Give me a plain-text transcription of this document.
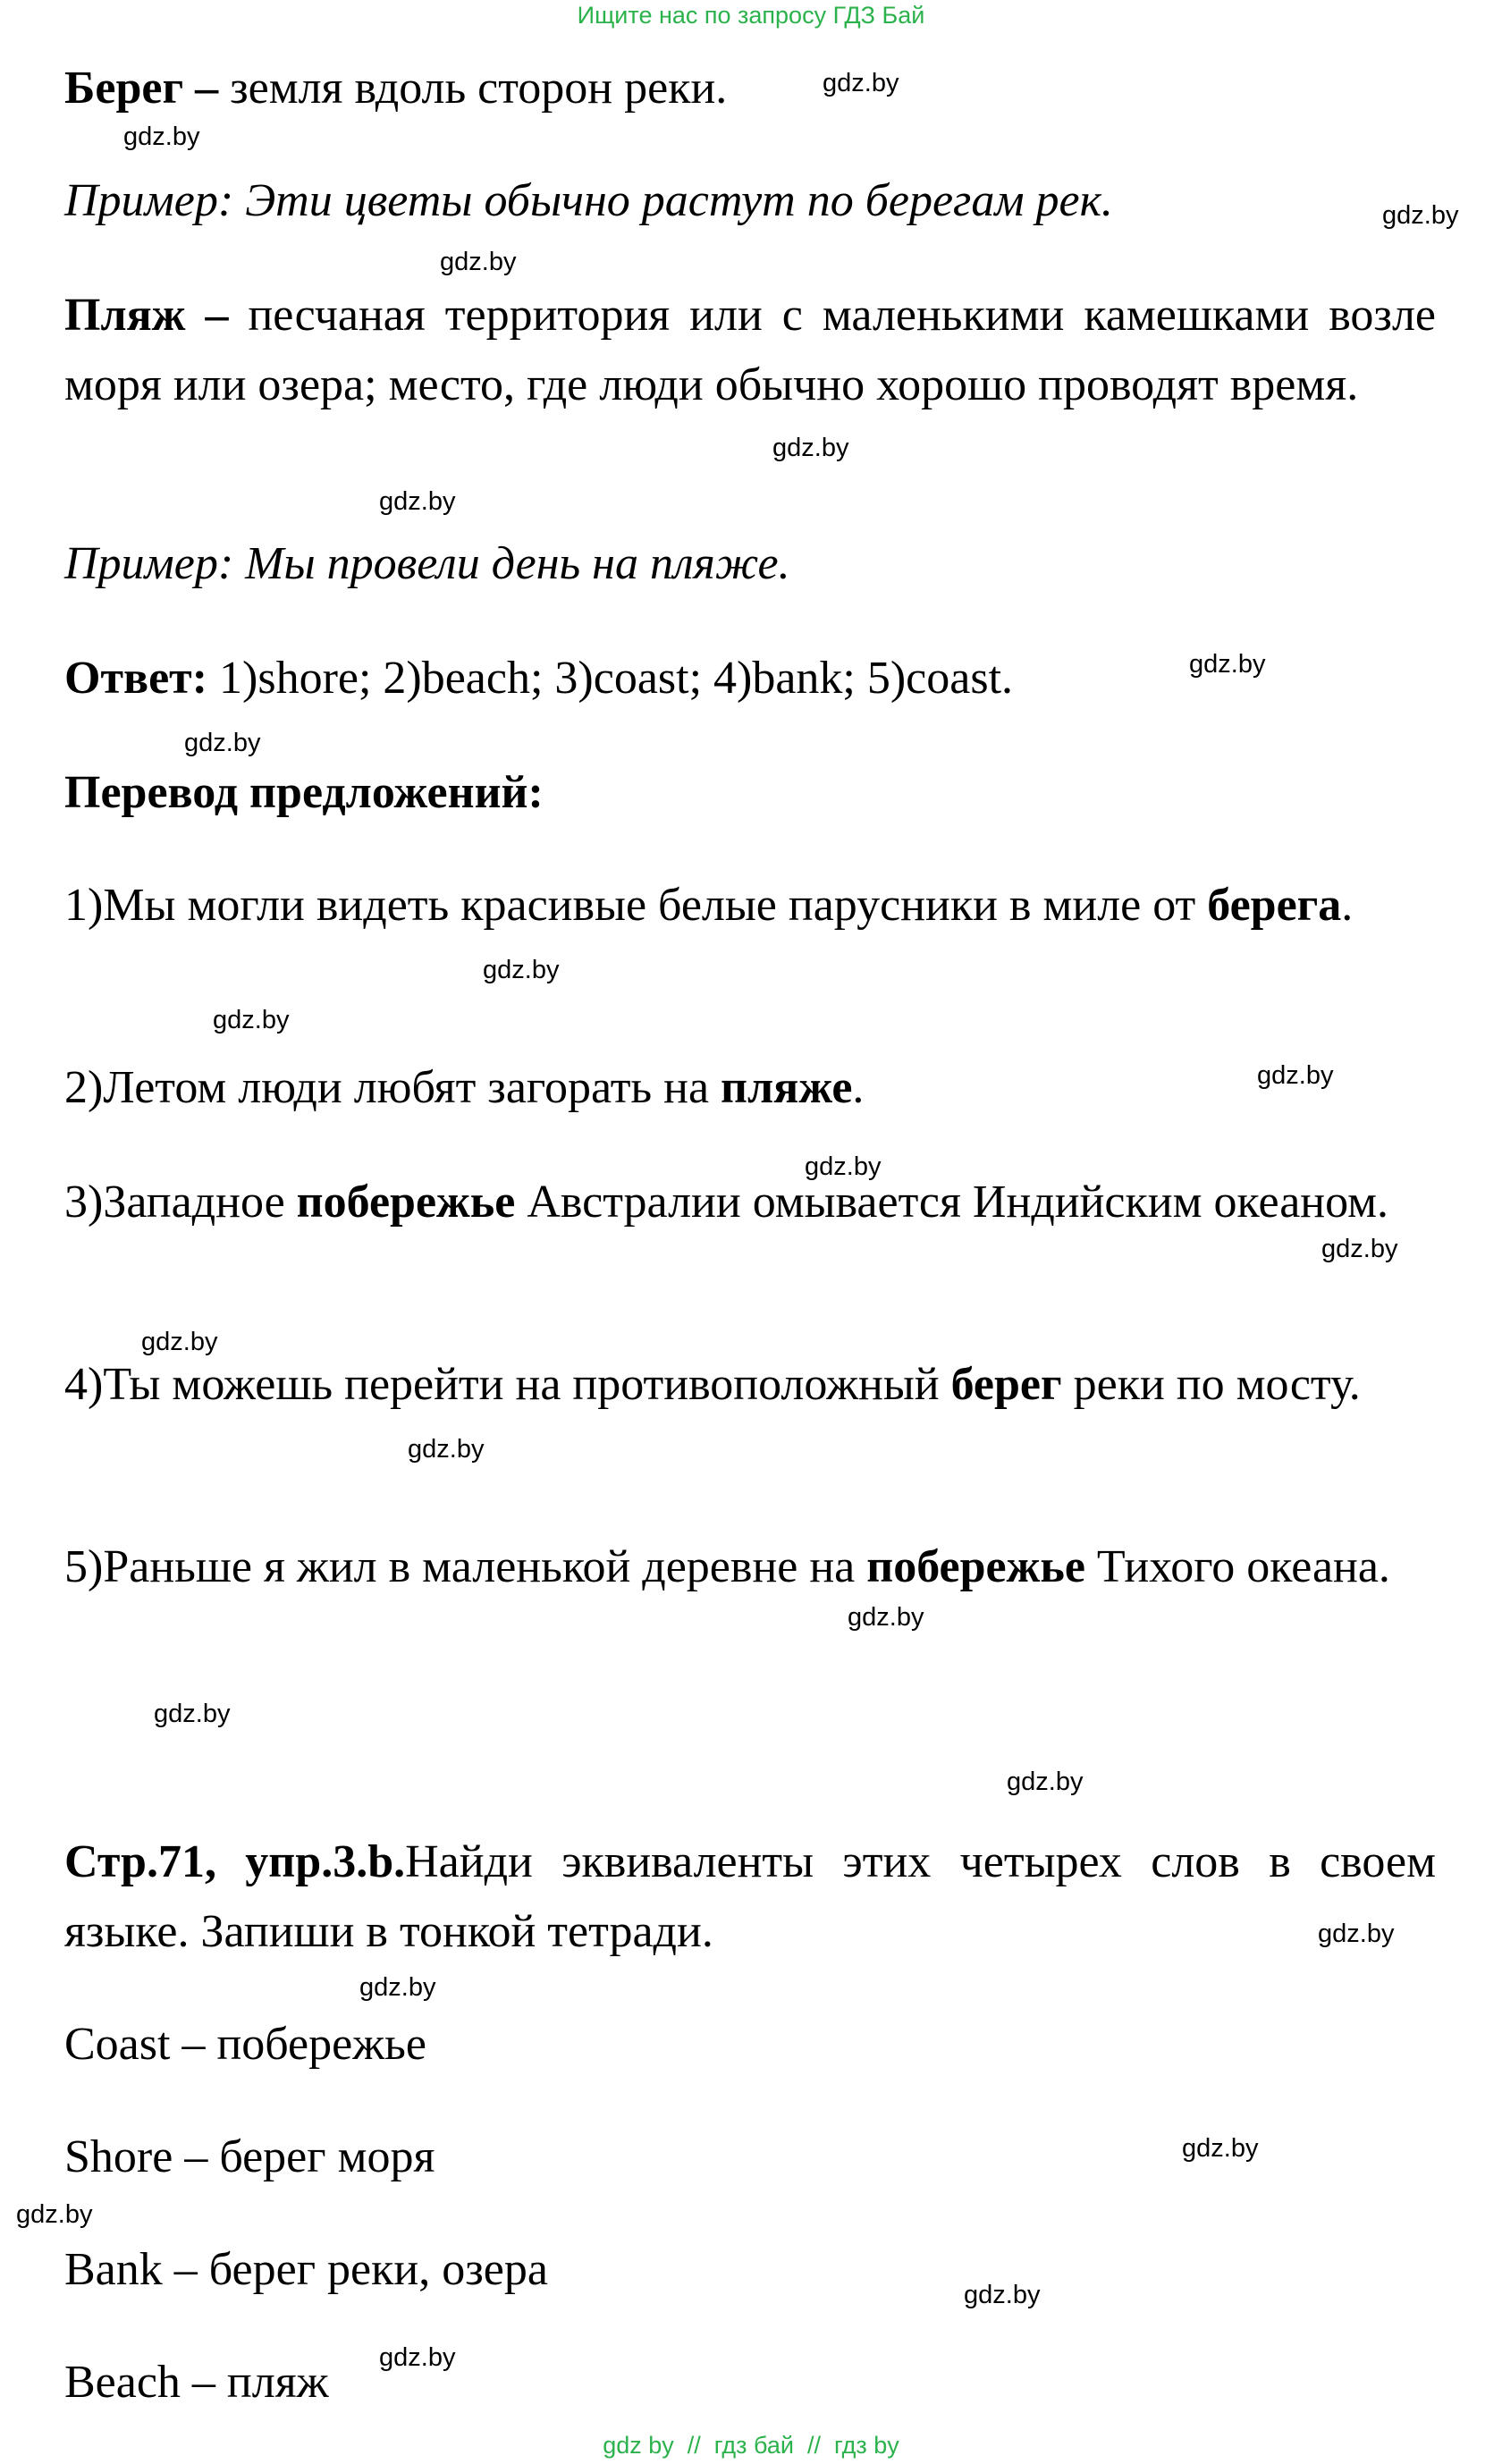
Ищите нас по запросу ГДЗ Бай
Берег – земля вдоль сторон реки.
Пример: Эти цветы обычно растут по берегам рек.
Пляж – песчаная территория или с маленькими камешками возле моря или озера; место, где люди обычно хорошо проводят время.
Пример: Мы провели день на пляже.
Ответ: 1)shore; 2)beach; 3)coast; 4)bank; 5)coast.
Перевод предложений:
1)Мы могли видеть красивые белые парусники в миле от берега.
2)Летом люди любят загорать на пляже.
3)Западное побережье Австралии омывается Индийским океаном.
4)Ты можешь перейти на противоположный берег реки по мосту.
5)Раньше я жил в маленькой деревне на побережье Тихого океана.
Стр.71, упр.3.b.Найди эквиваленты этих четырех слов в своем языке. Запиши в тонкой тетради.
Coast – побережье
Shore – берег моря
Bank – берег реки, озера
Beach – пляж
gdz.by
gdz.by
gdz.by
gdz.by
gdz.by
gdz.by
gdz.by
gdz.by
gdz.by
gdz.by
gdz.by
gdz.by
gdz.by
gdz.by
gdz.by
gdz.by
gdz.by
gdz.by
gdz.by
gdz.by
gdz.by
gdz.by
gdz.by
gdz.by
gdz by  //  гдз бай  //  гдз by
